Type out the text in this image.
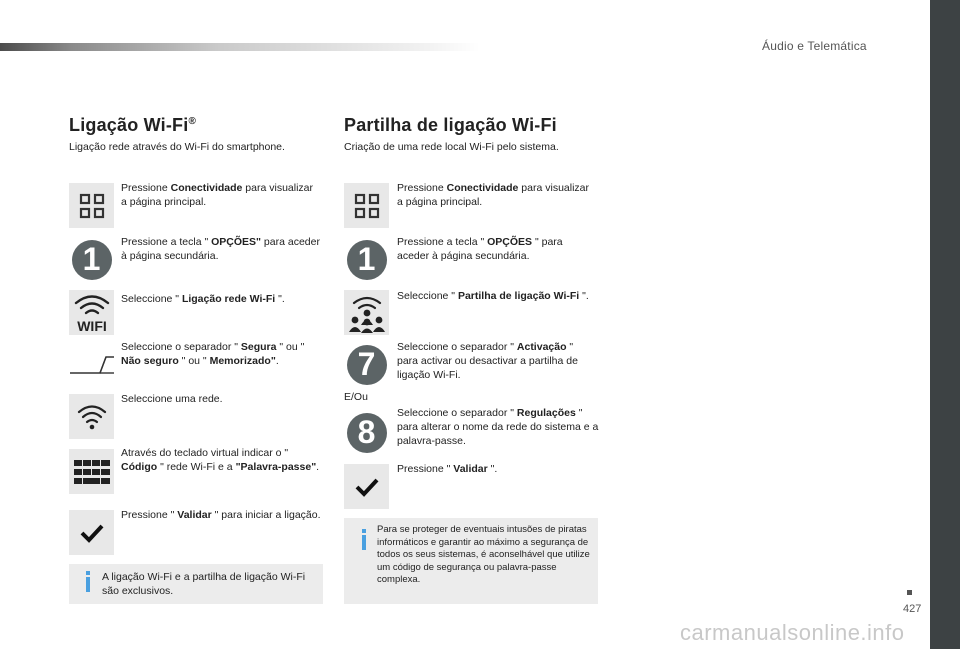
Áudio e Telemática
Ligação Wi-Fi®
Ligação rede através do Wi-Fi do smartphone.
Pressione Conectividade para visualizar a página principal.
1	Pressione a tecla " OPÇÕES" para aceder à página secundária.
WIFI
Seleccione " Ligação rede Wi-Fi ".
Seleccione o separador " Segura " ou " Não seguro " ou " Memorizado".
Seleccione uma rede.
Através do teclado virtual indicar o " Código " rede Wi-Fi e a "Palavra-passe".
Pressione " Validar " para iniciar a ligação.
A ligação Wi-Fi e a partilha de ligação Wi-Fi são exclusivos.
Partilha de ligação Wi-Fi
Criação de uma rede local Wi-Fi pelo sistema.
Pressione Conectividade para visualizar a página principal.
1	Pressione a tecla " OPÇÕES " para aceder à página secundária.
Seleccione " Partilha de ligação Wi-Fi ".
7	Seleccione o separador " Activação " para activar ou desactivar a partilha de ligação Wi-Fi.
E/Ou
8
Seleccione o separador " Regulações " para alterar o nome da rede do sistema e a palavra-passe.
Pressione " Validar ".
Para se proteger de eventuais intusões de piratas informáticos e garantir ao máximo a segurança de todos os seus sistemas, é aconselhável que utilize um código de segurança ou palavra-passe complexa.
427
carmanualsonline.info
